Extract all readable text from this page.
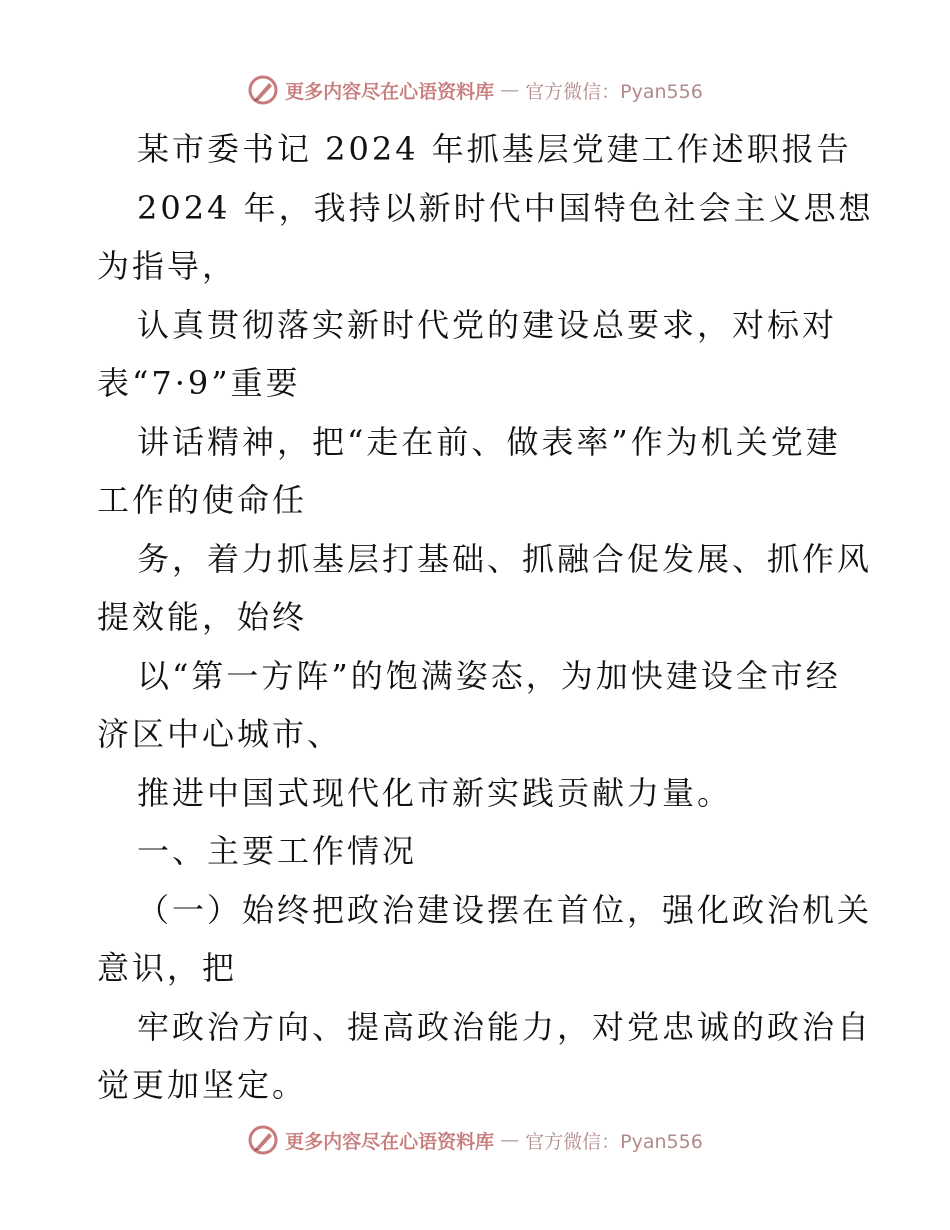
更多内容尽在心语资料库 — 官方微信：Pyan556
某市委书记 2024 年抓基层党建工作述职报告
2024 年，我持以新时代中国特色社会主义思想
为指导，
认真贯彻落实新时代党的建设总要求，对标对
表“7·9”重要
讲话精神，把“走在前、做表率”作为机关党建
工作的使命任
务，着力抓基层打基础、抓融合促发展、抓作风
提效能，始终
以“第一方阵”的饱满姿态，为加快建设全市经
济区中心城市、
推进中国式现代化市新实践贡献力量。
一、主要工作情况
（一）始终把政治建设摆在首位，强化政治机关
意识，把
牢政治方向、提高政治能力，对党忠诚的政治自
觉更加坚定。
更多内容尽在心语资料库 — 官方微信：Pyan556
